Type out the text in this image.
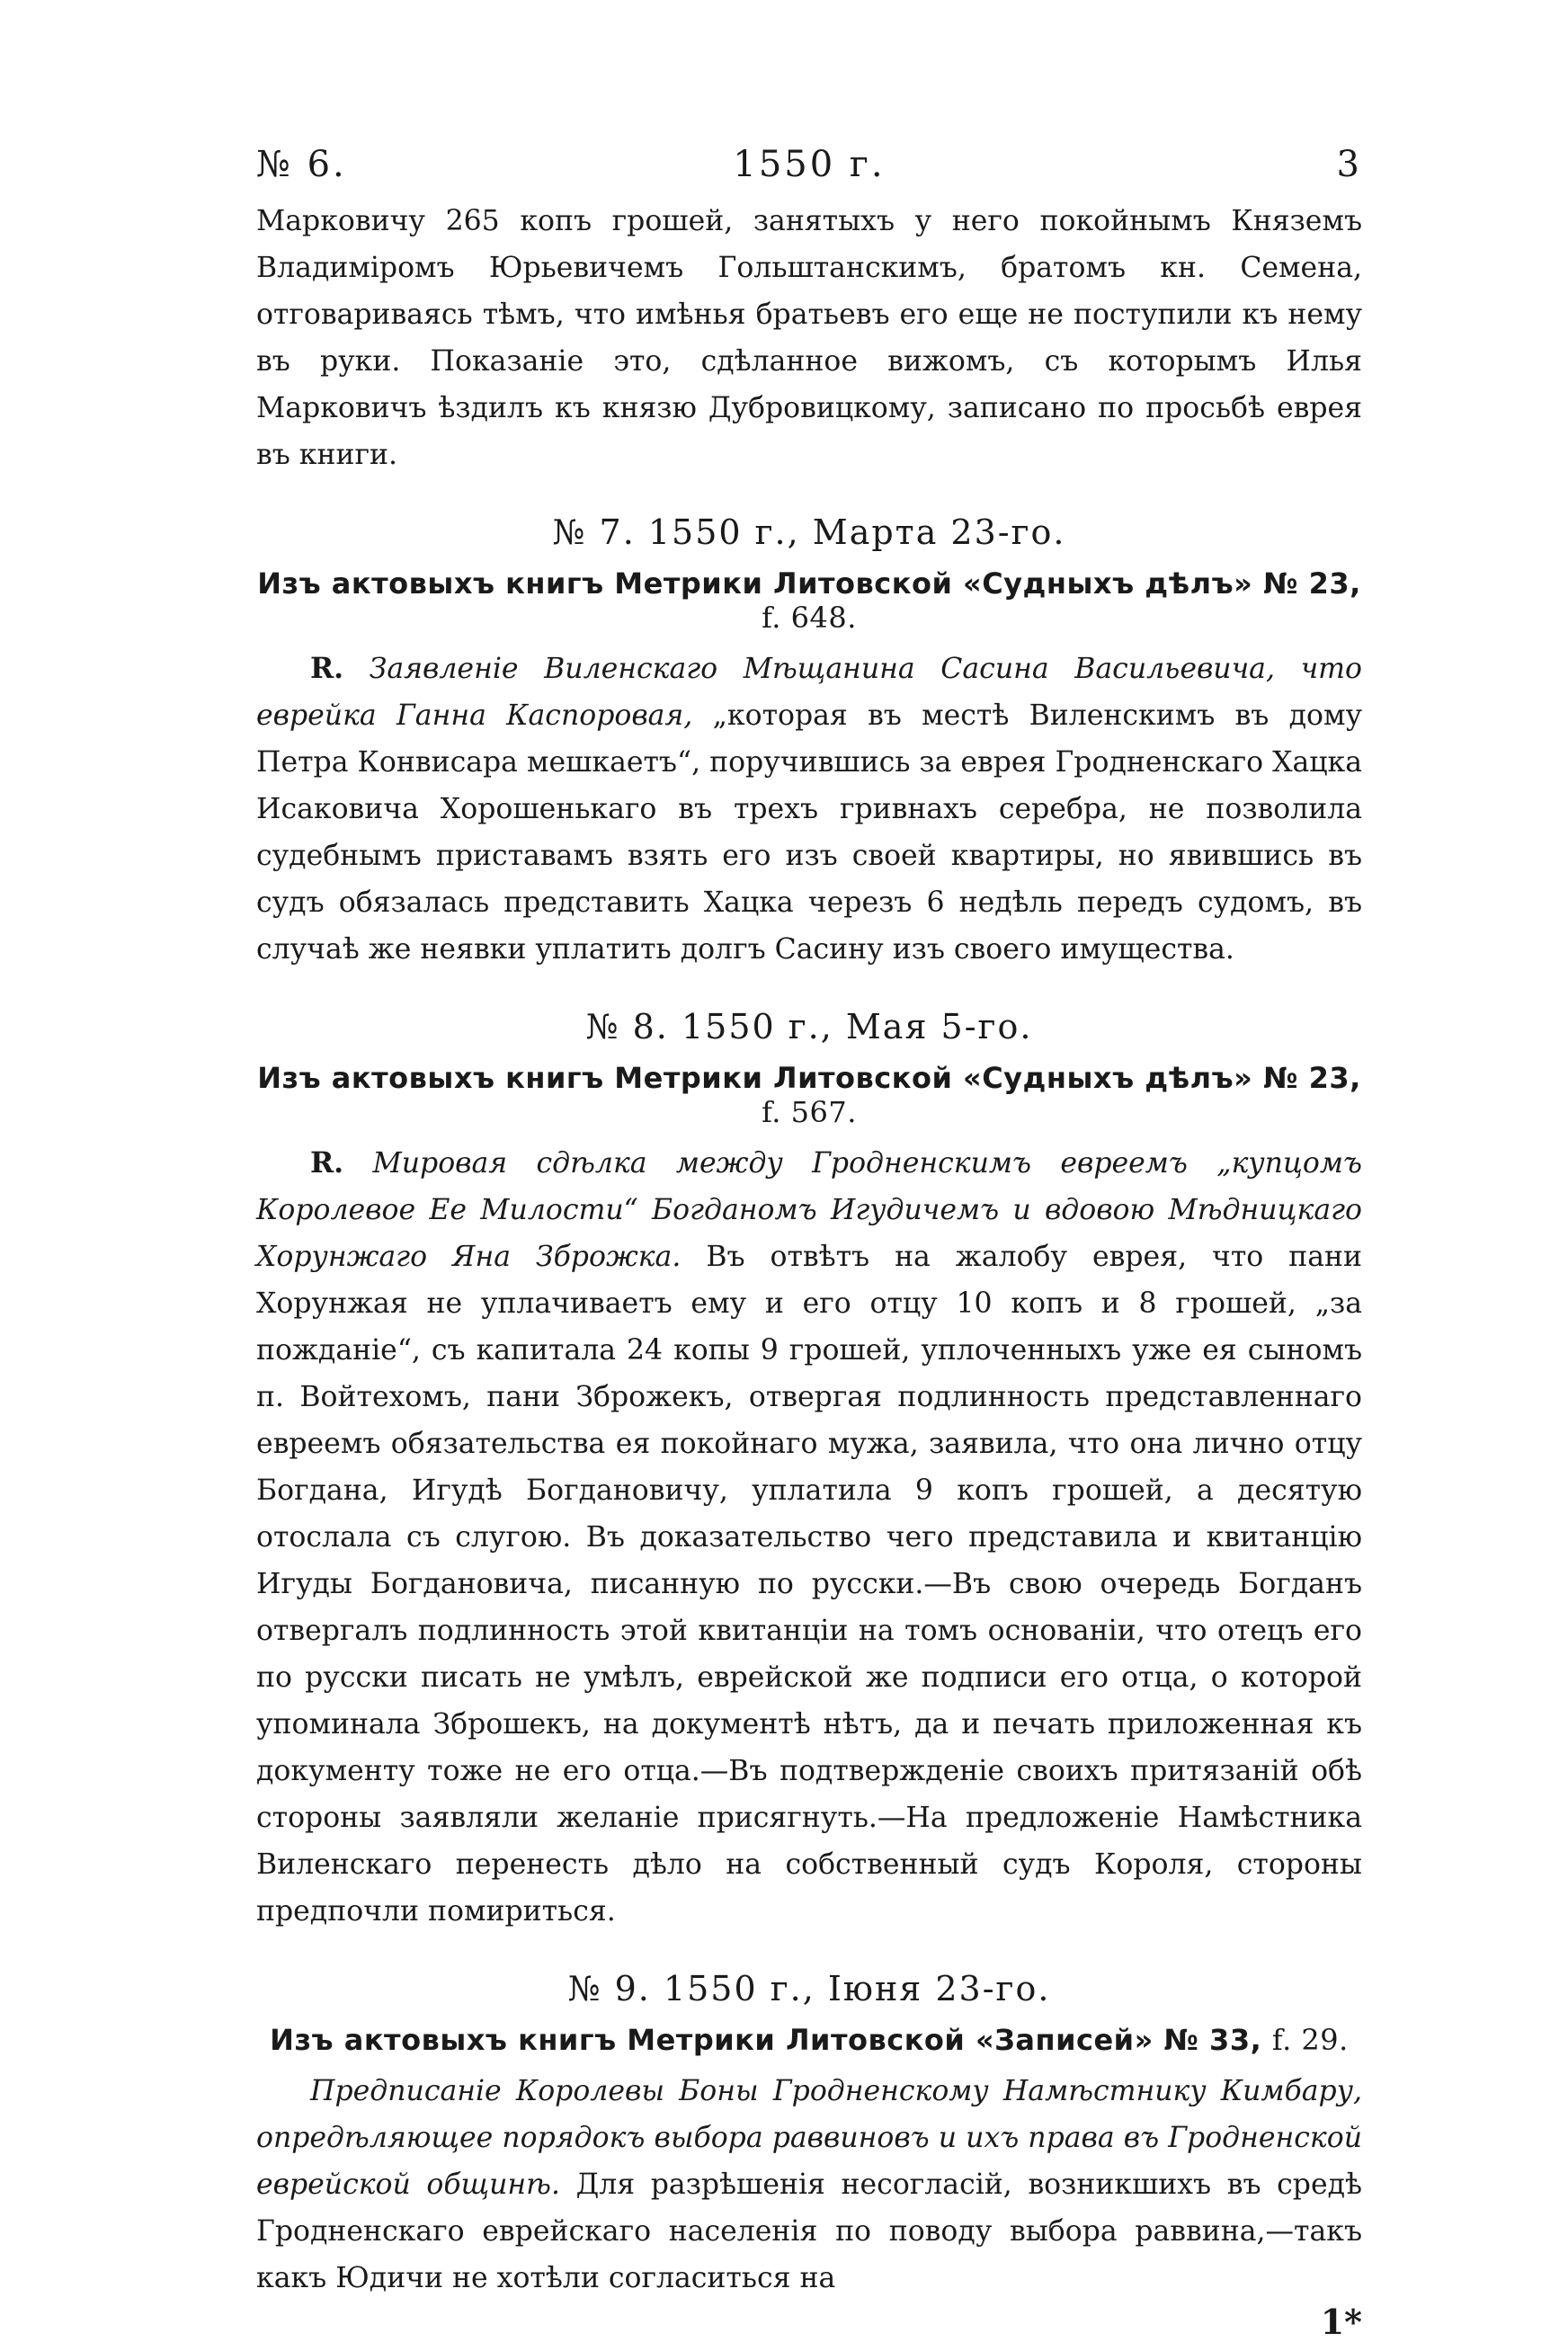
№ 6.	1550 г.	3

Марковичу 265 копъ грошей, занятыхъ у него покойнымъ Княземъ Владиміромъ Юрьевичемъ Гольштанскимъ, братомъ кн. Семена, отговариваясь тѣмъ, что имѣнья братьевъ его еще не поступили къ нему въ руки. Показаніе это, сдѣланное вижомъ, съ которымъ Илья Марковичъ ѣздилъ къ князю Дубровицкому, записано по просьбѣ еврея въ книги.

№ 7. 1550 г., Марта 23-го.
Изъ актовыхъ книгъ Метрики Литовской «Судныхъ дѣлъ» № 23, f. 648.

R. Заявленіе Виленскаго Мѣщанина Сасина Васильевича, что еврейка Ганна Каспоровая, „которая въ местѣ Виленскимъ въ дому Петра Конвисара мешкаетъ“, поручившись за еврея Гродненскаго Хацка Исаковича Хорошенькаго въ трехъ гривнахъ серебра, не позволила судебнымъ приставамъ взять его изъ своей квартиры, но явившись въ судъ обязалась представить Хацка черезъ 6 недѣль передъ судомъ, въ случаѣ же неявки уплатить долгъ Сасину изъ своего имущества.

№ 8. 1550 г., Мая 5-го.
Изъ актовыхъ книгъ Метрики Литовской «Судныхъ дѣлъ» № 23, f. 567.

R. Мировая сдѣлка между Гродненскимъ евреемъ „купцомъ Королевое Ее Милости“ Богданомъ Игудичемъ и вдовою Мѣдницкаго Хорунжаго Яна Зброжка. Въ отвѣтъ на жалобу еврея, что пани Хорунжая не уплачиваетъ ему и его отцу 10 копъ и 8 грошей, „за пожданіе“, съ капитала 24 копы 9 грошей, уплоченныхъ уже ея сыномъ п. Войтехомъ, пани Зброжекъ, отвергая подлинность представленнаго евреемъ обязательства ея покойнаго мужа, заявила, что она лично отцу Богдана, Игудѣ Богдановичу, уплатила 9 копъ грошей, а десятую отослала съ слугою. Въ доказательство чего представила и квитанцію Игуды Богдановича, писанную по русски.—Въ свою очередь Богданъ отвергалъ подлинность этой квитанціи на томъ основаніи, что отецъ его по русски писать не умѣлъ, еврейской же подписи его отца, о которой упоминала Зброшекъ, на документѣ нѣтъ, да и печать приложенная къ документу тоже не его отца.—Въ подтвержденіе своихъ притязаній обѣ стороны заявляли желаніе присягнуть.—На предложеніе Намѣстника Виленскаго перенесть дѣло на собственный судъ Короля, стороны предпочли помириться.

№ 9. 1550 г., Іюня 23-го.
Изъ актовыхъ книгъ Метрики Литовской «Записей» № 33, f. 29.

Предписаніе Королевы Боны Гродненскому Намѣстнику Кимбару, опредѣляющее порядокъ выбора раввиновъ и ихъ права въ Гродненской еврейской общинѣ. Для разрѣшенія несогласій, возникшихъ въ средѣ Гродненскаго еврейскаго населенія по поводу выбора раввина,—такъ какъ Юдичи не хотѣли согласиться на

1*
